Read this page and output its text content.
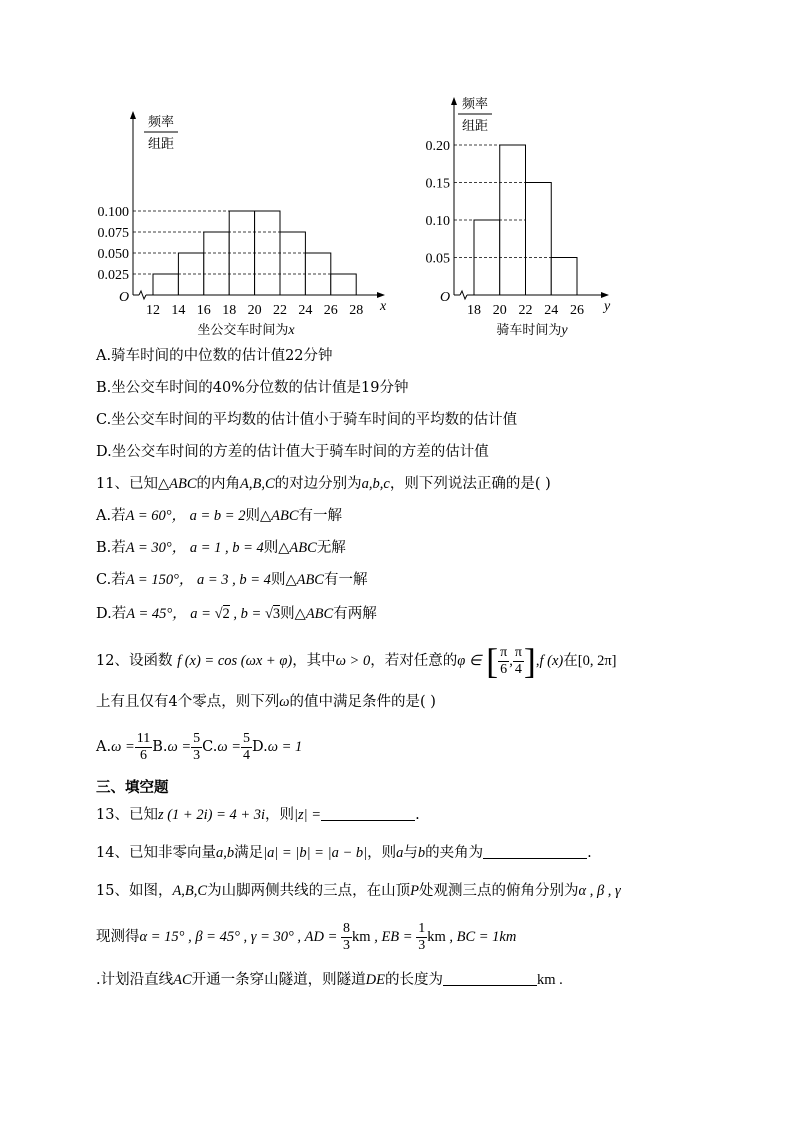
频率
组距
O
x
0.025
0.050
0.075
0.100
12 14 16 18 20 22 24 26 28
坐公交车时间为x
频率
组距
O
y
0.05
0.10
0.15
0.20
18 20 22 24 26
骑车时间为y
A.骑车时间的中位数的估计值22分钟
B.坐公交车时间的40%分位数的估计值是19分钟
C.坐公交车时间的平均数的估计值小于骑车时间的平均数的估计值
D.坐公交车时间的方差的估计值大于骑车时间的方差的估计值
11、已知△ABC的内角A,B,C的对边分别为a,b,c，则下列说法正确的是( )
A.若A = 60°， a = b = 2则△ABC有一解
B.若A = 30°， a = 1 , b = 4则△ABC无解
C.若A = 150°， a = 3 , b = 4则△ABC有一解
D.若A = 45°， a = √2 , b = √3则△ABC有两解
12、设函数 f (x) = cos (ωx + φ)，其中ω > 0，若对任意的φ ∈ [ $\frac{\pi}{6}$ , $\frac{\pi}{4} ],f$ (x)在[0, 2π]
上有且仅有4个零点，则下列ω的值中满足条件的是( )
$A.\omega = \frac{11}{6} B.\omega = \frac{5}{3} C.\omega = \frac{5}{4} D.\omega = 1$
三、填空题
13、已知z (1 + 2i) = 4 + 3i，则|z| =	.
14、已知非零向量a,b满足|a| = |b| = |a − b|，则a与b的夹角为	.
15、如图，A,B,C为山脚两侧共线的三点，在山顶P处观测三点的俯角分别为α , β , γ
现测得α = 15° , β = 45° , γ = 30° , AD = $\frac{8}{3}$ km , EB = $\frac{1}{3}$ km , BC = 1km
.计划沿直线AC开通一条穿山隧道，则隧道DE的长度为	km .
